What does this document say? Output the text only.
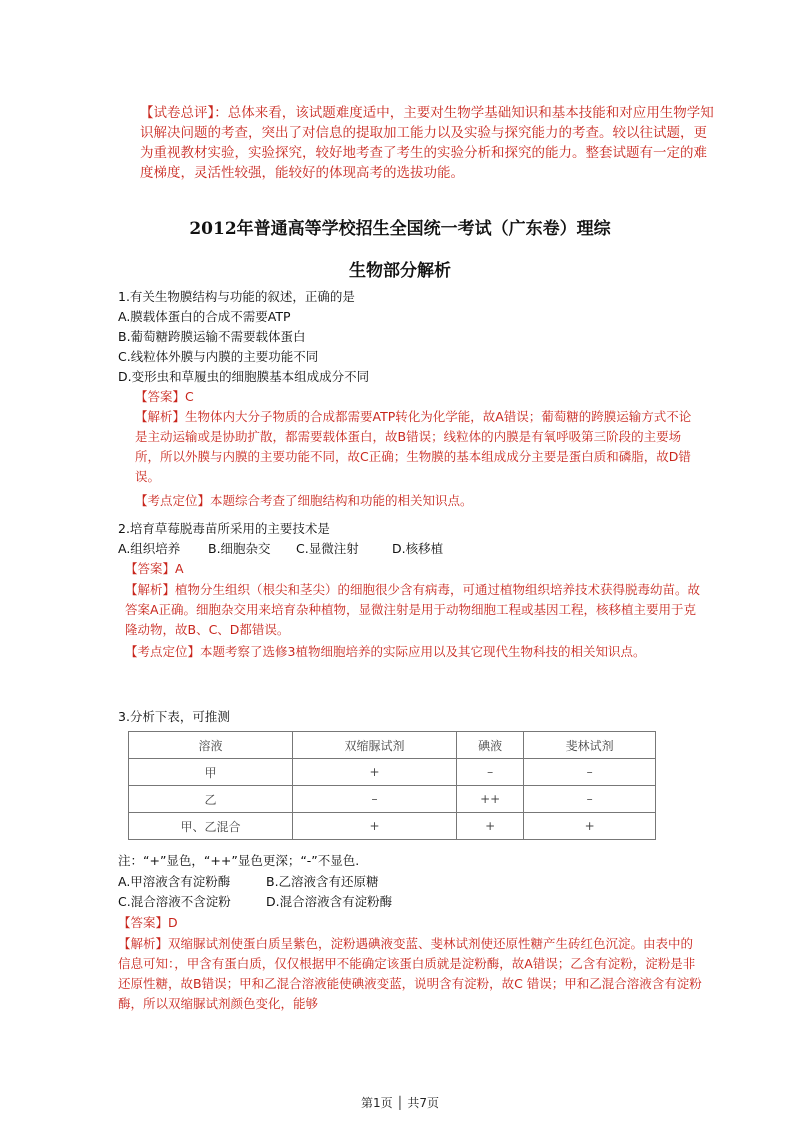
【试卷总评】：总体来看，该试题难度适中，主要对生物学基础知识和基本技能和对应用生物学知识解决问题的考查，突出了对信息的提取加工能力以及实验与探究能力的考查。较以往试题，更为重视教材实验，实验探究，较好地考查了考生的实验分析和探究的能力。整套试题有一定的难度梯度，灵活性较强，能较好的体现高考的选拔功能。
2012年普通高等学校招生全国统一考试（广东卷）理综
生物部分解析
1.有关生物膜结构与功能的叙述，正确的是
A.膜载体蛋白的合成不需要ATP
B.葡萄糖跨膜运输不需要载体蛋白
C.线粒体外膜与内膜的主要功能不同
D.变形虫和草履虫的细胞膜基本组成成分不同
【答案】C
【解析】生物体内大分子物质的合成都需要ATP转化为化学能，故A错误；葡萄糖的跨膜运输方式不论是主动运输或是协助扩散，都需要载体蛋白，故B错误；线粒体的内膜是有氧呼吸第三阶段的主要场所，所以外膜与内膜的主要功能不同，故C正确；生物膜的基本组成成分主要是蛋白质和磷脂，故D错误。
【考点定位】本题综合考查了细胞结构和功能的相关知识点。
2.培育草莓脱毒苗所采用的主要技术是
A.组织培养 B.细胞杂交 C.显微注射	D.核移植
【答案】A
【解析】植物分生组织（根尖和茎尖）的细胞很少含有病毒，可通过植物组织培养技术获得脱毒幼苗。故答案A正确。细胞杂交用来培育杂种植物，显微注射是用于动物细胞工程或基因工程，核移植主要用于克隆动物，故B、C、D都错误。
【考点定位】本题考察了选修3植物细胞培养的实际应用以及其它现代生物科技的相关知识点。
3.分析下表，可推测
溶液	双缩脲试剂	碘液	斐林试剂
甲	+	–	–
乙	–	++	–
甲、乙混合	+	+	+
注：“+”显色，“++”显色更深；“-”不显色.
A.甲溶液含有淀粉酶	B.乙溶液含有还原糖
C.混合溶液不含淀粉	D.混合溶液含有淀粉酶
【答案】D
【解析】双缩脲试剂使蛋白质呈紫色，淀粉遇碘液变蓝、斐林试剂使还原性糖产生砖红色沉淀。由表中的信息可知：，甲含有蛋白质，仅仅根据甲不能确定该蛋白质就是淀粉酶，故A错误；乙含有淀粉，淀粉是非还原性糖，故B错误；甲和乙混合溶液能使碘液变蓝，说明含有淀粉，故C 错误；甲和乙混合溶液含有淀粉酶，所以双缩脲试剂颜色变化，能够
第1页 │ 共7页
